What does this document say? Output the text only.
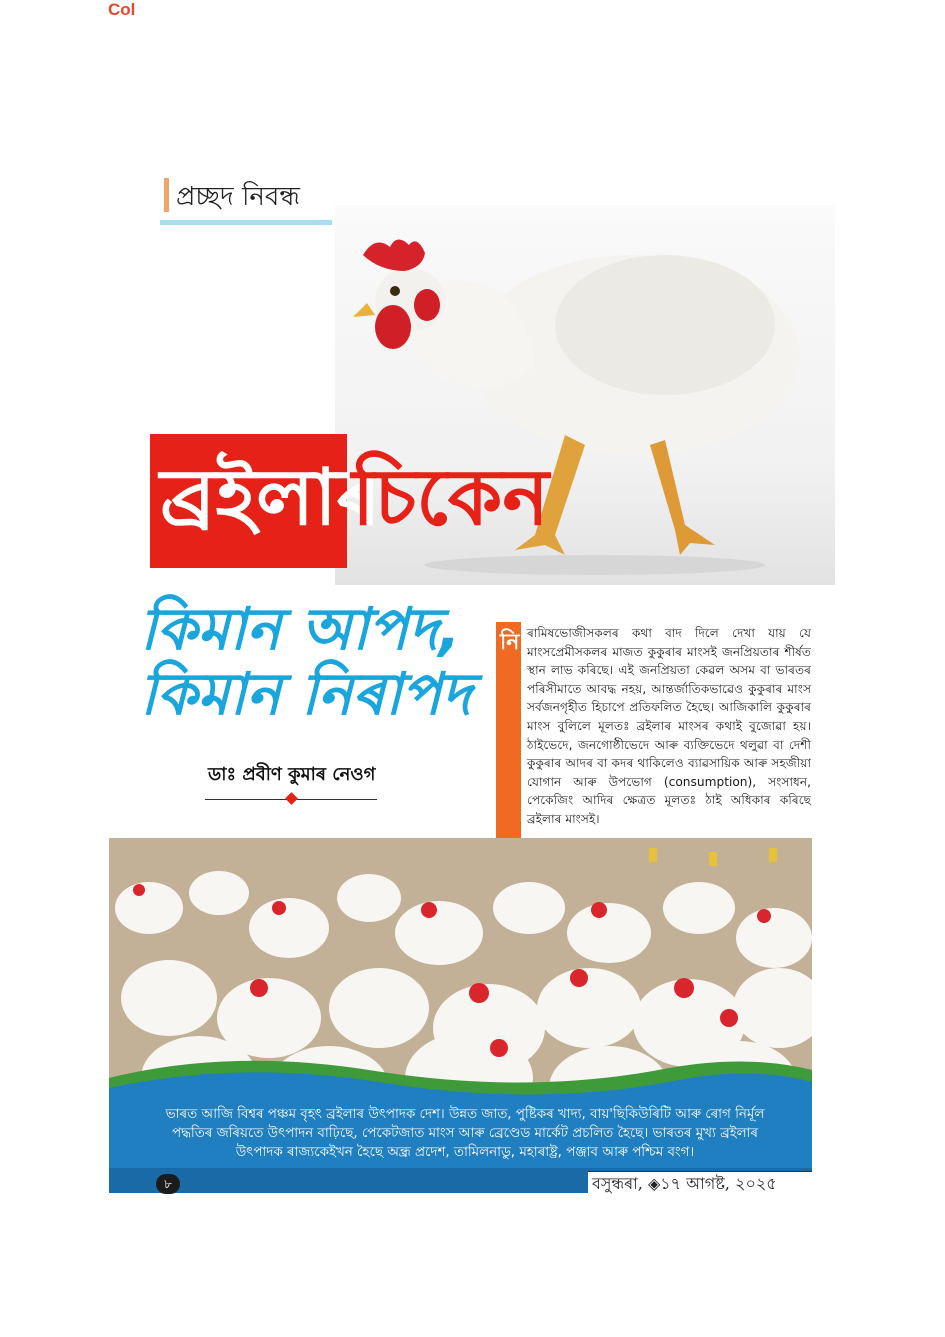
Col
প্ৰচ্ছদ নিবন্ধ
ব্ৰইলাৰ
চিকেন
কিমান আপদ,
কিমান নিৰাপদ
ডাঃ প্ৰবীণ কুমাৰ নেওগ
নি ৰামিষভোজীসকলৰ কথা বাদ দিলে দেখা যায় যে মাংসপ্ৰেমীসকলৰ মাজত কুকুৰাৰ মাংসই জনপ্ৰিয়তাৰ শীৰ্ষত স্থান লাভ কৰিছে। এই জনপ্ৰিয়তা কেৱল অসম বা ভাৰতৰ পৰিসীমাতে আবদ্ধ নহয়, আন্তৰ্জাতিকভাৱেও কুকুৰাৰ মাংস সৰ্বজনগৃহীত হিচাপে প্ৰতিফলিত হৈছে। আজিকালি কুকুৰাৰ মাংস বুলিলে মূলতঃ ব্ৰইলাৰ মাংসৰ কথাই বুজোৱা হয়। ঠাইভেদে, জনগোষ্ঠীভেদে আৰু ব্যক্তিভেদে থলুৱা বা দেশী কুকুৰাৰ আদৰ বা কদৰ থাকিলেও ব্যাৱসায়িক আৰু সহজীয়া যোগান আৰু উপভোগ (consumption), সংসাধন, পেকেজিং আদিৰ ক্ষেত্ৰত মূলতঃ ঠাই অধিকাৰ কৰিছে ব্ৰইলাৰ মাংসই।
ভাৰত আজি বিশ্বৰ পঞ্চম বৃহৎ ব্ৰইলাৰ উৎপাদক দেশ। উন্নত জাত, পুষ্টিকৰ খাদ্য, বায়'ছিকিউৰিটি আৰু ৰোগ নিৰ্মূল পদ্ধতিৰ জৰিয়তে উৎপাদন বাঢ়িছে, পেকেটজাত মাংস আৰু ব্ৰেণ্ডেড মাৰ্কেট প্ৰচলিত হৈছে। ভাৰতৰ মুখ্য ব্ৰইলাৰ উৎপাদক ৰাজ্যকেইখন হৈছে অন্ধ্ৰ প্ৰদেশ, তামিলনাডু, মহাৰাষ্ট্ৰ, পঞ্জাব আৰু পশ্চিম বংগ।
৮	বসুন্ধৰা, ◈১৭ আগষ্ট, ২০২৫
